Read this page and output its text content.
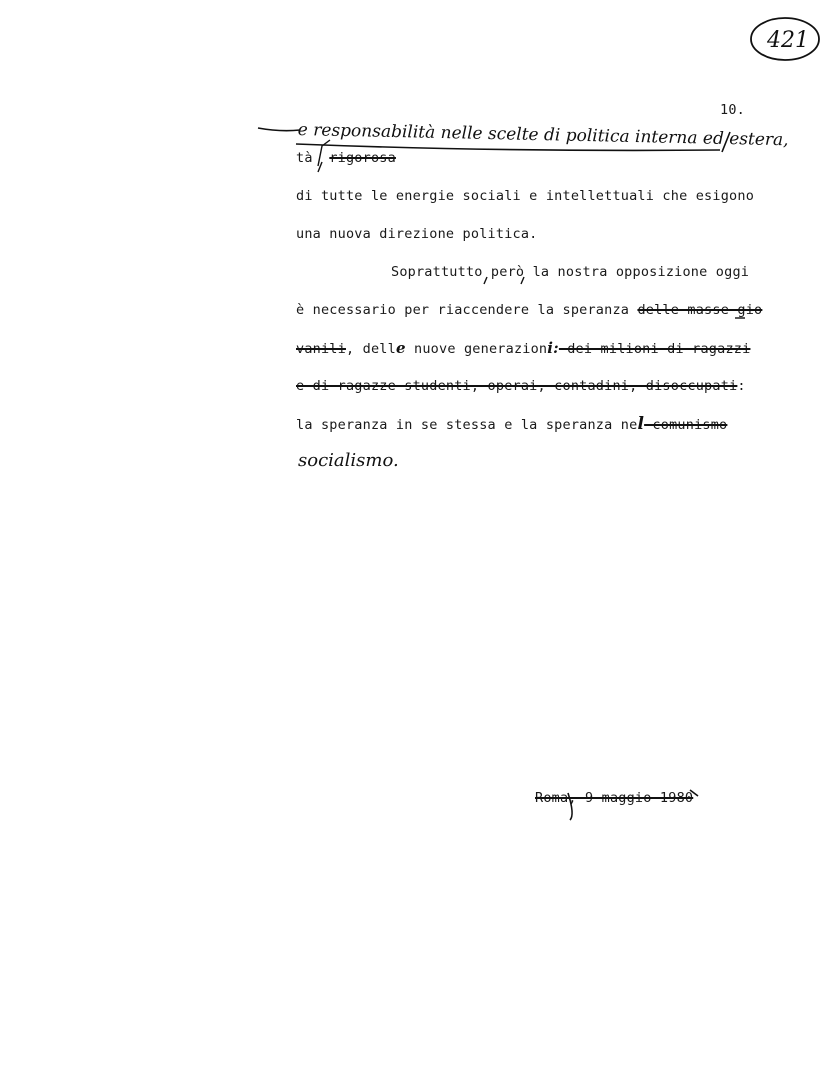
421
10.
e responsabilità nelle scelte di politica interna ed estera,
tà rigorosa
di tutte le energie sociali e intellettuali che esigono
una nuova direzione politica.
Soprattutto però la nostra opposizione oggi
è necessario per riaccendere la speranza delle masse gio
vanili, delle nuove generazioni: dei milioni di ragazzi
e di ragazze studenti, operai, contadini, disoccupati:
la speranza in se stessa e la speranza nel comunismo
socialismo.
Roma, 9 maggio 1980
